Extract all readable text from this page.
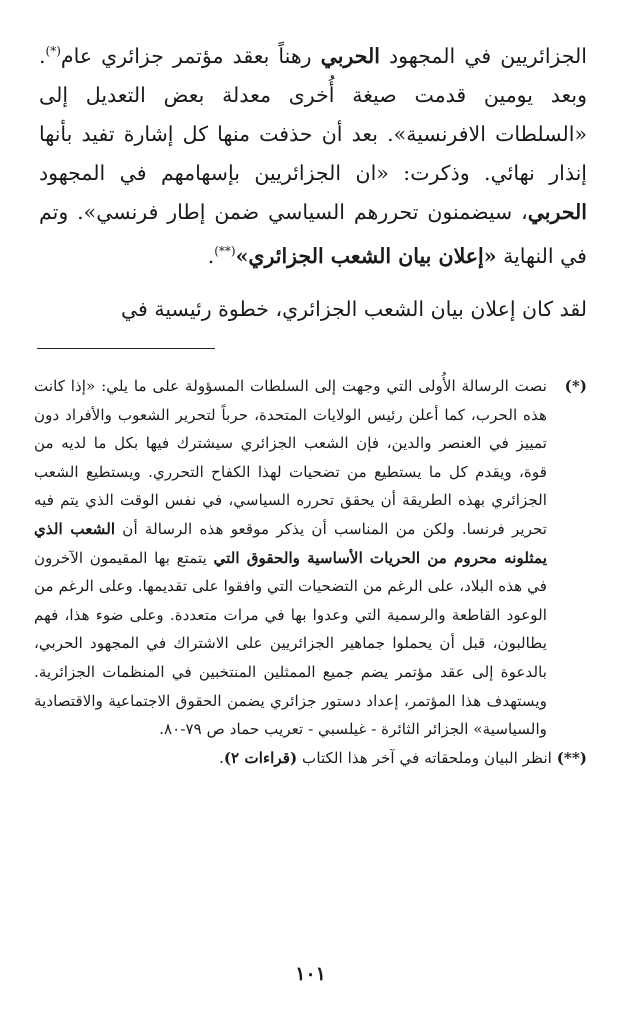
الجزائريين في المجهود الحربي رهناً بعقد مؤتمر جزائري عام(*). وبعد يومين قدمت صيغة أُخرى معدلة بعض التعديل إلى «السلطات الافرنسية». بعد أن حذفت منها كل إشارة تفيد بأنها إنذار نهائي. وذكرت: «ان الجزائريين بإسهامهم في المجهود الحربي، سيضمنون تحررهم السياسي ضمن إطار فرنسي». وتم في النهاية «إعلان بيان الشعب الجزائري»(**).

لقد كان إعلان بيان الشعب الجزائري، خطوة رئيسية في

(*)
نصت الرسالة الأُولى التي وجهت إلى السلطات المسؤولة على ما يلي: «إذا كانت هذه الحرب، كما أعلن رئيس الولايات المتحدة، حرباً لتحرير الشعوب والأفراد دون تمييز في العنصر والدين، فإن الشعب الجزائري سيشترك فيها بكل ما لديه من قوة، ويقدم كل ما يستطيع من تضحيات لهذا الكفاح التحرري. ويستطيع الشعب الجزائري بهذه الطريقة أن يحقق تحرره السياسي، في نفس الوقت الذي يتم فيه تحرير فرنسا. ولكن من المناسب أن يذكر موقعو هذه الرسالة أن الشعب الذي يمثلونه محروم من الحريات الأساسية والحقوق التي يتمتع بها المقيمون الآخرون في هذه البلاد، على الرغم من التضحيات التي وافقوا على تقديمها. وعلى الرغم من الوعود القاطعة والرسمية التي وعدوا بها في مرات متعددة. وعلى ضوء هذا، فهم يطالبون، قبل أن يحملوا جماهير الجزائريين على الاشتراك في المجهود الحربي، بالدعوة إلى عقد مؤتمر يضم جميع الممثلين المنتخبين في المنظمات الجزائرية. ويستهدف هذا المؤتمر، إعداد دستور جزائري يضمن الحقوق الاجتماعية والاقتصادية والسياسية» الجزائر الثائرة - غيلسبي - تعريب حماد ص ٧٩-٨٠.
(**) انظر البيان وملحقاته في آخر هذا الكتاب (قراءات ٢).
١٠١
